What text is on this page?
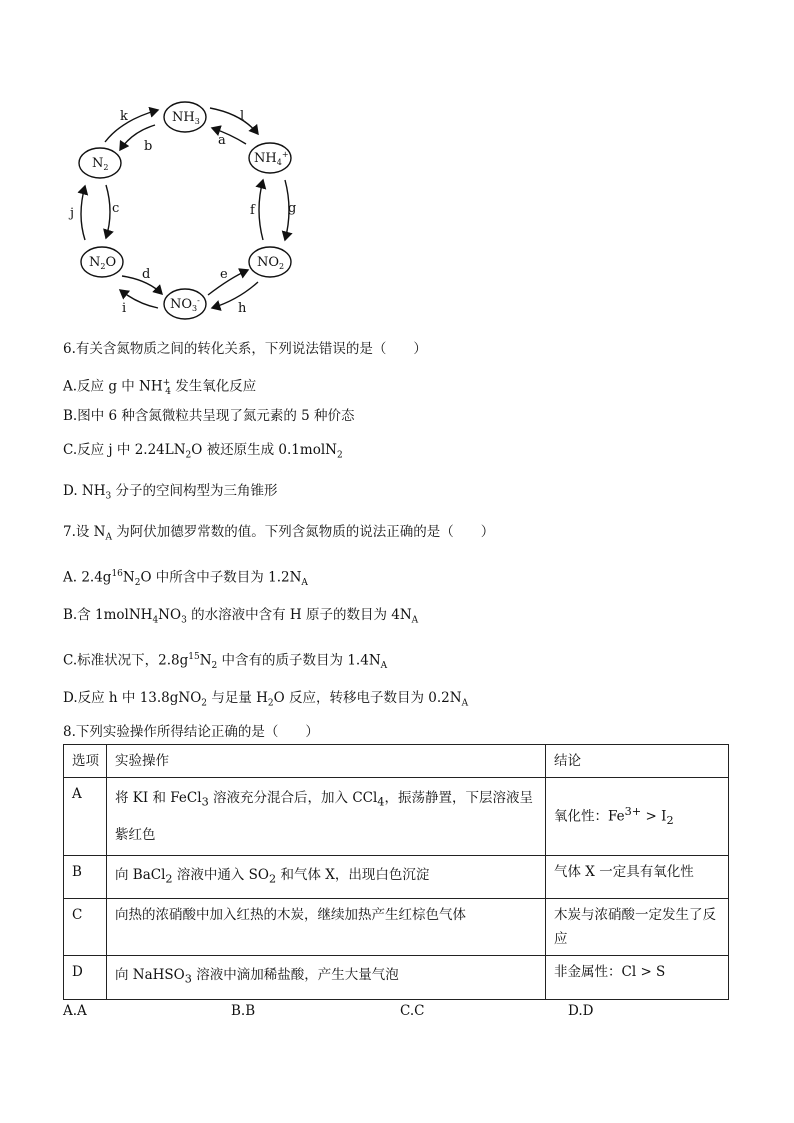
$NH_3$
$NH_4^+$
$N_2$
$NO_2$
$N_2O$
$NO_3^-$
k
b
l
a
j	c	f	g
d
i
e
h
6.有关含氮物质之间的转化关系，下列说法错误的是（　　）
A.反应 g 中 $NH^+_4$ 发生氧化反应
B.图中 6 种含氮微粒共呈现了氮元素的 5 种价态
C.反应 j 中 $2.24LN_2O$ 被还原生成 0.1molN$_2$
D. $NH_3$ 分子的空间构型为三角锥形
7.设 $N_A$ 为阿伏加德罗常数的值。下列含氮物质的说法正确的是（　　）
A. $2.4g^{16}N_2O$ 中所含中子数目为 $1.2N_A$
B.含 $1molNH_4NO_3$ 的水溶液中含有 H 原子的数目为 $4N_A$
C.标准状况下，$2.8g^{15}N_2$ 中含有的质子数目为 $1.4N_A$
D.反应 h 中 13.8gNO$_2$ 与足量 $H_2O$ 反应，转移电子数目为 $0.2N_A$
8.下列实验操作所得结论正确的是（　　）
选项	实验操作	结论
A	将 KI 和 FeCl$_3$ 溶液充分混合后，加入 CCl$_4$，振荡静置，下层溶液呈紫红色	氧化性：$Fe^{3+} > I_2$
B	向 BaCl$_2$ 溶液中通入 $SO_2$ 和气体 X，出现白色沉淀	气体 X 一定具有氧化性
C	向热的浓硝酸中加入红热的木炭，继续加热产生红棕色气体	木炭与浓硝酸一定发生了反应
D	向 NaHSO$_3$ 溶液中滴加稀盐酸，产生大量气泡	非金属性：Cl > S
A.A	B.B	C.C	D.D
